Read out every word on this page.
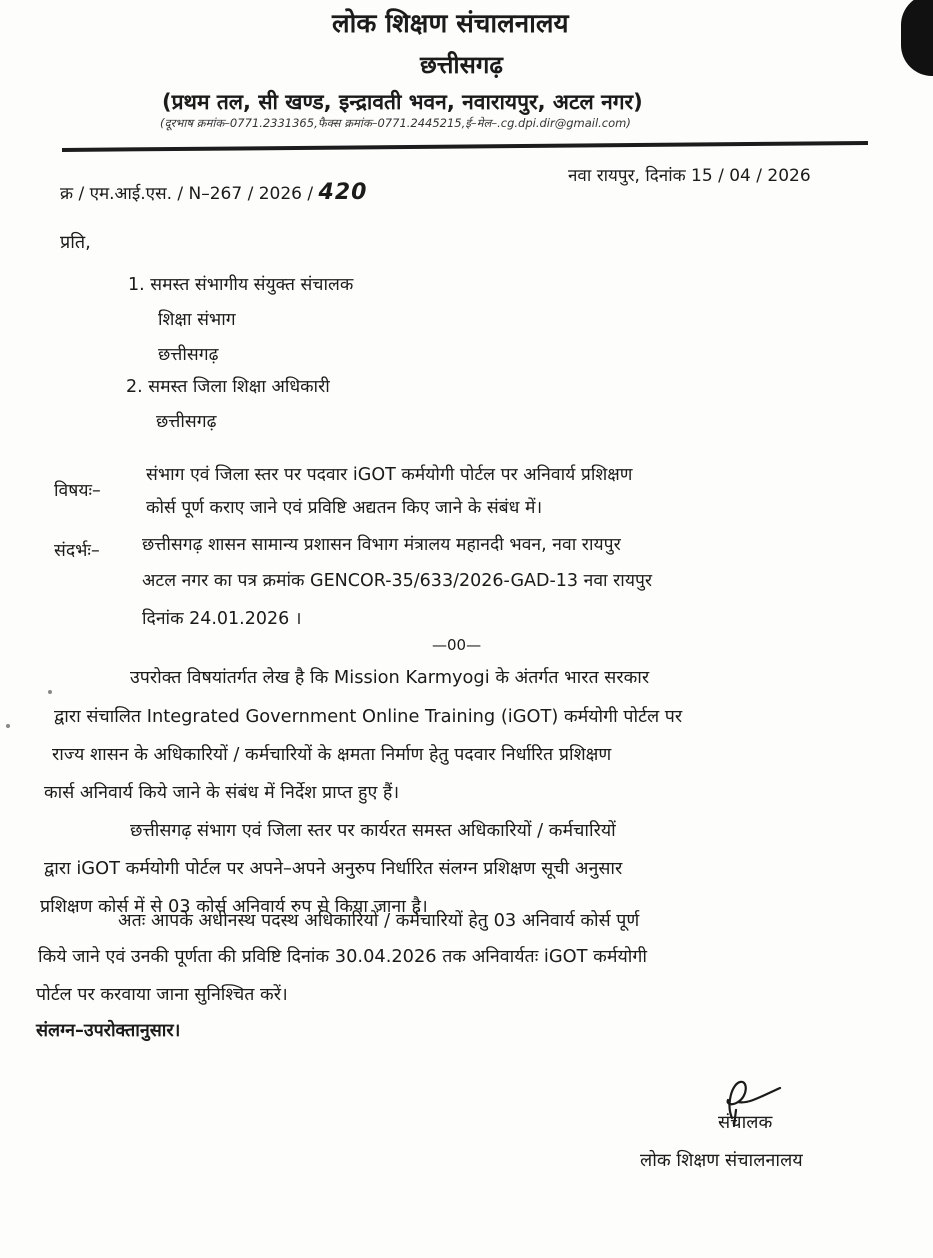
लोक शिक्षण संचालनालय
छत्तीसगढ़
(प्रथम तल, सी खण्ड, इन्द्रावती भवन, नवारायपुर, अटल नगर)
(दूरभाष क्रमांक–0771.2331365,फैक्स क्रमांक–0771.2445215,ई–मेल–.cg.dpi.dir@gmail.com)
क्र / एम.आई.एस. / N–267 / 2026 / 420
नवा रायपुर, दिनांक 15 / 04 / 2026
प्रति,
1. समस्त संभागीय संयुक्त संचालक
शिक्षा संभाग
छत्तीसगढ़
2. समस्त जिला शिक्षा अधिकारी
छत्तीसगढ़
विषयः–
संभाग एवं जिला स्तर पर पदवार iGOT कर्मयोगी पोर्टल पर अनिवार्य प्रशिक्षण
कोर्स पूर्ण कराए जाने एवं प्रविष्टि अद्यतन किए जाने के संबंध में।
संदर्भः– छत्तीसगढ़ शासन सामान्य प्रशासन विभाग मंत्रालय महानदी भवन, नवा रायपुर
अटल नगर का पत्र क्रमांक GENCOR-35/633/2026-GAD-13 नवा रायपुर
दिनांक 24.01.2026 ।
—00—
उपरोक्त विषयांतर्गत लेख है कि Mission Karmyogi के अंतर्गत भारत सरकार
द्वारा संचालित Integrated Government Online Training (iGOT) कर्मयोगी पोर्टल पर
राज्य शासन के अधिकारियों / कर्मचारियों के क्षमता निर्माण हेतु पदवार निर्धारित प्रशिक्षण
कार्स अनिवार्य किये जाने के संबंध में निर्देश प्राप्त हुए हैं।
छत्तीसगढ़ संभाग एवं जिला स्तर पर कार्यरत समस्त अधिकारियों / कर्मचारियों
द्वारा iGOT कर्मयोगी पोर्टल पर अपने–अपने अनुरुप निर्धारित संलग्न प्रशिक्षण सूची अनुसार
प्रशिक्षण कोर्स में से 03 कोर्स अनिवार्य रुप से किया जाना है।
अतः आपके अधीनस्थ पदस्थ अधिकारियों / कर्मचारियों हेतु 03 अनिवार्य कोर्स पूर्ण
किये जाने एवं उनकी पूर्णता की प्रविष्टि दिनांक 30.04.2026 तक अनिवार्यतः iGOT कर्मयोगी
पोर्टल पर करवाया जाना सुनिश्चित करें।
संलग्न–उपरोक्तानुसार।
संचालक
लोक शिक्षण संचालनालय
